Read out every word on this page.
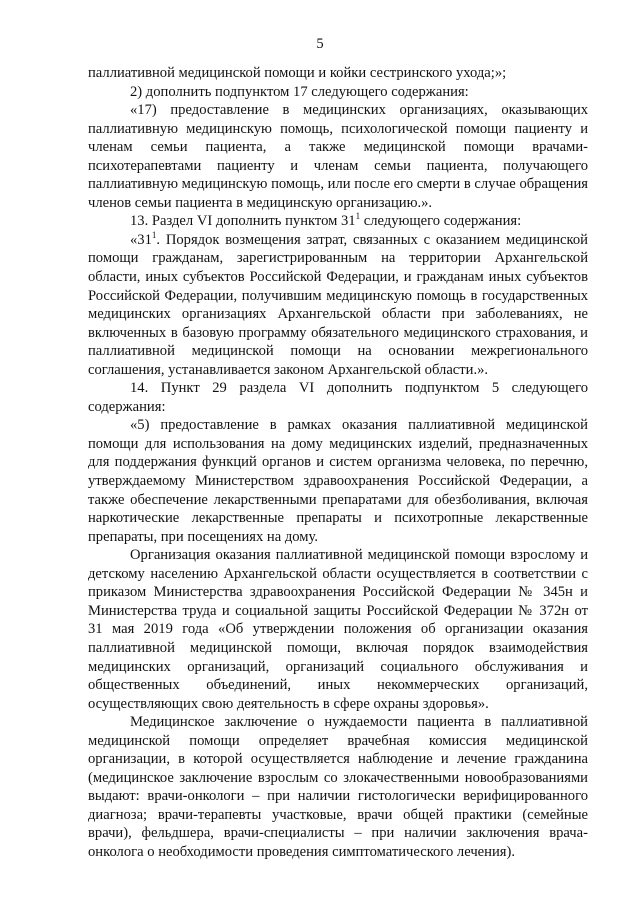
5

паллиативной медицинской помощи и койки сестринского ухода;»;

2) дополнить подпунктом 17 следующего содержания:

«17) предоставление в медицинских организациях, оказывающих паллиативную медицинскую помощь, психологической помощи пациенту и членам семьи пациента, а также медицинской помощи врачами-психотерапевтами пациенту и членам семьи пациента, получающего паллиативную медицинскую помощь, или после его смерти в случае обращения членов семьи пациента в медицинскую организацию.».

13. Раздел VI дополнить пунктом $31^1$ следующего содержания:

«$31^1$. Порядок возмещения затрат, связанных с оказанием медицинской помощи гражданам, зарегистрированным на территории Архангельской области, иных субъектов Российской Федерации, и гражданам иных субъектов Российской Федерации, получившим медицинскую помощь в государственных медицинских организациях Архангельской области при заболеваниях, не включенных в базовую программу обязательного медицинского страхования, и паллиативной медицинской помощи на основании межрегионального соглашения, устанавливается законом Архангельской области.».

14. Пункт 29 раздела VI дополнить подпунктом 5 следующего содержания:

«5) предоставление в рамках оказания паллиативной медицинской помощи для использования на дому медицинских изделий, предназначенных для поддержания функций органов и систем организма человека, по перечню, утверждаемому Министерством здравоохранения Российской Федерации, а также обеспечение лекарственными препаратами для обезболивания, включая наркотические лекарственные препараты и психотропные лекарственные препараты, при посещениях на дому.

Организация оказания паллиативной медицинской помощи взрослому и детскому населению Архангельской области осуществляется в соответствии с приказом Министерства здравоохранения Российской Федерации № 345н и Министерства труда и социальной защиты Российской Федерации № 372н от 31 мая 2019 года «Об утверждении положения об организации оказания паллиативной медицинской помощи, включая порядок взаимодействия медицинских организаций, организаций социального обслуживания и общественных объединений, иных некоммерческих организаций, осуществляющих свою деятельность в сфере охраны здоровья».

Медицинское заключение о нуждаемости пациента в паллиативной медицинской помощи определяет врачебная комиссия медицинской организации, в которой осуществляется наблюдение и лечение гражданина (медицинское заключение взрослым со злокачественными новообразованиями выдают: врачи-онкологи – при наличии гистологически верифицированного диагноза; врачи-терапевты участковые, врачи общей практики (семейные врачи), фельдшера, врачи-специалисты – при наличии заключения врача-онколога о необходимости проведения симптоматического лечения).
